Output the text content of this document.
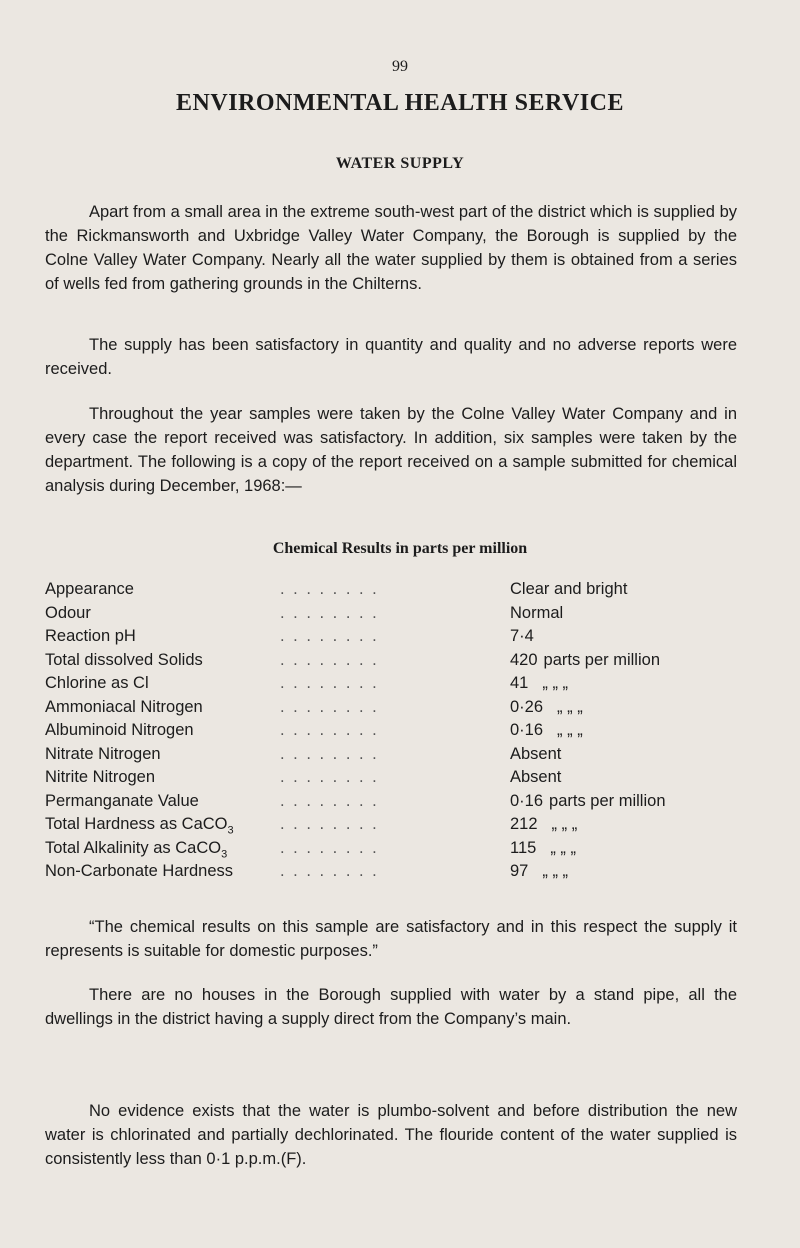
99
ENVIRONMENTAL HEALTH SERVICE
WATER SUPPLY

Apart from a small area in the extreme south-west part of the district which is supplied by the Rickmansworth and Uxbridge Valley Water Company, the Borough is supplied by the Colne Valley Water Company. Nearly all the water supplied by them is obtained from a series of wells fed from gathering grounds in the Chilterns.

The supply has been satisfactory in quantity and quality and no adverse reports were received.

Throughout the year samples were taken by the Colne Valley Water Company and in every case the report received was satisfactory. In addition, six samples were taken by the department. The following is a copy of the report received on a sample submitted for chemical analysis during December, 1968:—

Chemical Results in parts per million
Appearance	. . . . . . . .	Clear and bright
Odour	. . . . . . . .	Normal
Reaction pH	. . . . . . . .	7·4
Total dissolved Solids	. . . . . . . .	420 parts per million
Chlorine as Cl	. . . . . . . .	41 „ „ „
Ammoniacal Nitrogen	. . . . . . . .	0·26 „ „ „
Albuminoid Nitrogen	. . . . . . . .	0·16 „ „ „
Nitrate Nitrogen	. . . . . . . .	Absent
Nitrite Nitrogen	. . . . . . . .	Absent
Permanganate Value	. . . . . . . .	0·16 parts per million
Total Hardness as CaCO$_3$	. . . . . . . .	212 „ „ „
Total Alkalinity as CaCO$_3$	. . . . . . . .	115 „ „ „
Non-Carbonate Hardness	. . . . . . . .	97 „ „ „

“The chemical results on this sample are satisfactory and in this respect the supply it represents is suitable for domestic purposes.”

There are no houses in the Borough supplied with water by a stand pipe, all the dwellings in the district having a supply direct from the Company’s main.

No evidence exists that the water is plumbo-solvent and before distribution the new water is chlorinated and partially dechlorinated. The flouride content of the water supplied is consistently less than 0·1 p.p.m.(F).
